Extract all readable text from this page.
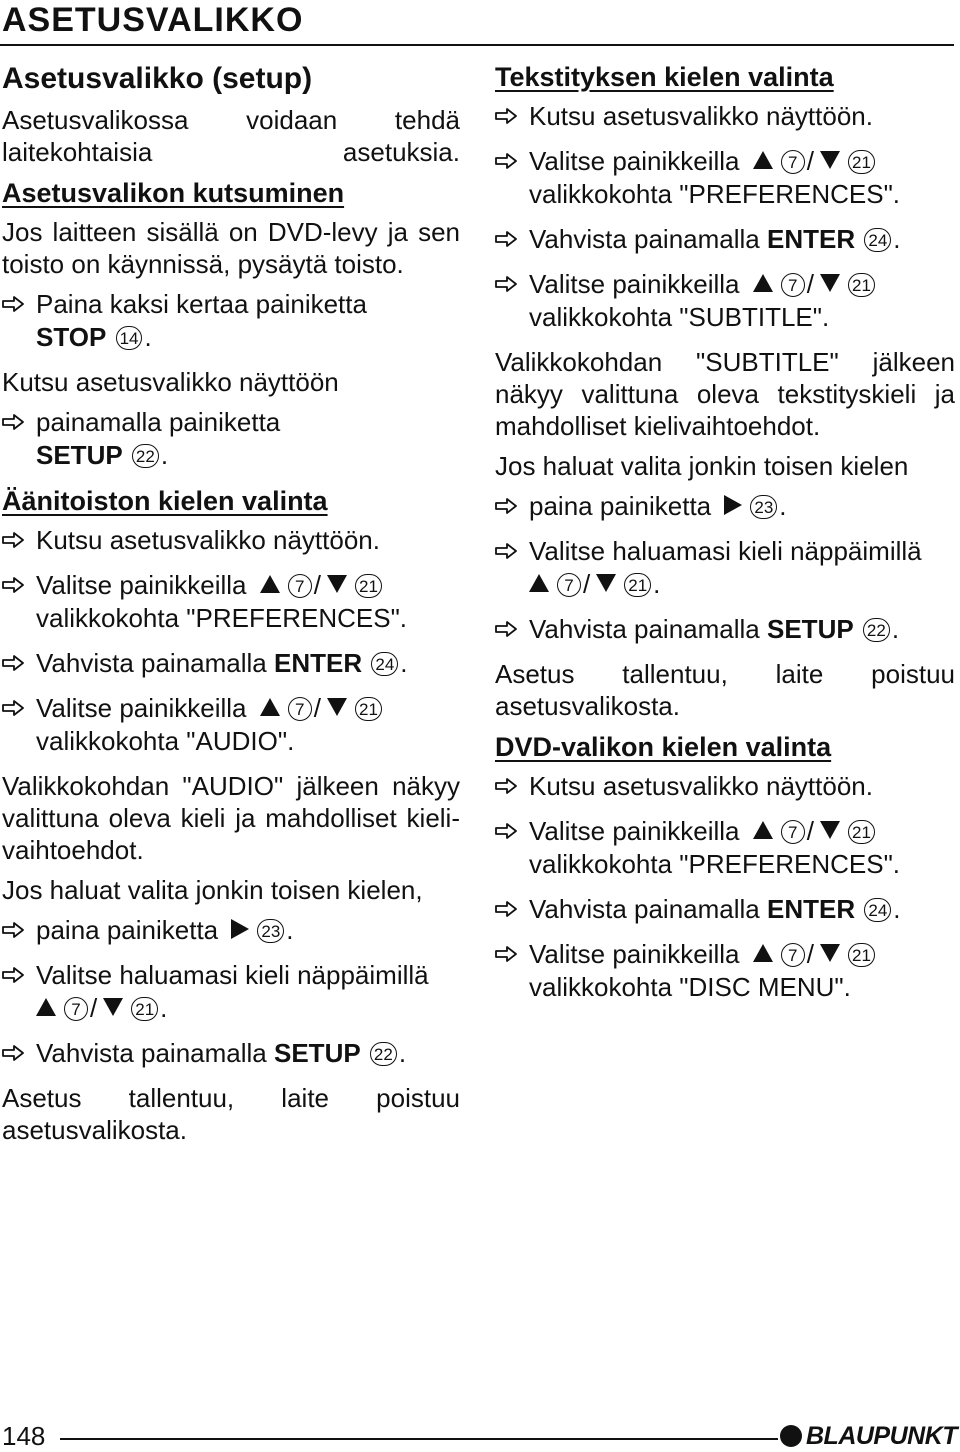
ASETUSVALIKKO
Asetusvalikko (setup)
Asetusvalikossa voidaan tehdä laitekohtaisia asetuksia.
Asetusvalikon kutsuminen
Jos laitteen sisällä on DVD-levy ja sen toisto on käynnissä, pysäytä toisto.
Paina kaksi kertaa painiketta
STOP 14 .
Kutsu asetusvalikko näyttöön
painamalla painiketta
SETUP 22 .
Äänitoiston kielen valinta
Kutsu asetusvalikko näyttöön.
Valitse painikkeilla	7 / 21
valikkokohta "PREFERENCES".
Vahvista painamalla ENTER 24 .
Valitse painikkeilla	7 / 21
valikkokohta "AUDIO".
Valikkokohdan "AUDIO" jälkeen näkyy valittuna oleva kieli ja mahdolliset kieli-vaihtoehdot.
Jos haluat valita jonkin toisen kielen,
paina painiketta	23 .
Valitse haluamasi kieli näppäimillä
7 / 21 .
Vahvista painamalla SETUP 22 .
Asetus tallentuu, laite poistuu asetusvalikosta.
Tekstityksen kielen valinta
Kutsu asetusvalikko näyttöön.
Valitse painikkeilla	7 / 21
valikkokohta "PREFERENCES".
Vahvista painamalla ENTER 24 .
Valitse painikkeilla	7 / 21
valikkokohta "SUBTITLE".
Valikkokohdan "SUBTITLE" jälkeen näkyy valittuna oleva tekstityskieli ja mahdolliset kielivaihtoehdot.
Jos haluat valita jonkin toisen kielen
paina painiketta	23 .
Valitse haluamasi kieli näppäimillä
7 / 21 .
Vahvista painamalla SETUP 22 .
Asetus tallentuu, laite poistuu asetusvalikosta.
DVD-valikon kielen valinta
Kutsu asetusvalikko näyttöön.
Valitse painikkeilla	7 / 21
valikkokohta "PREFERENCES".
Vahvista painamalla ENTER 24 .
Valitse painikkeilla	7 / 21
valikkokohta "DISC MENU".
148	BLAUPUNKT
